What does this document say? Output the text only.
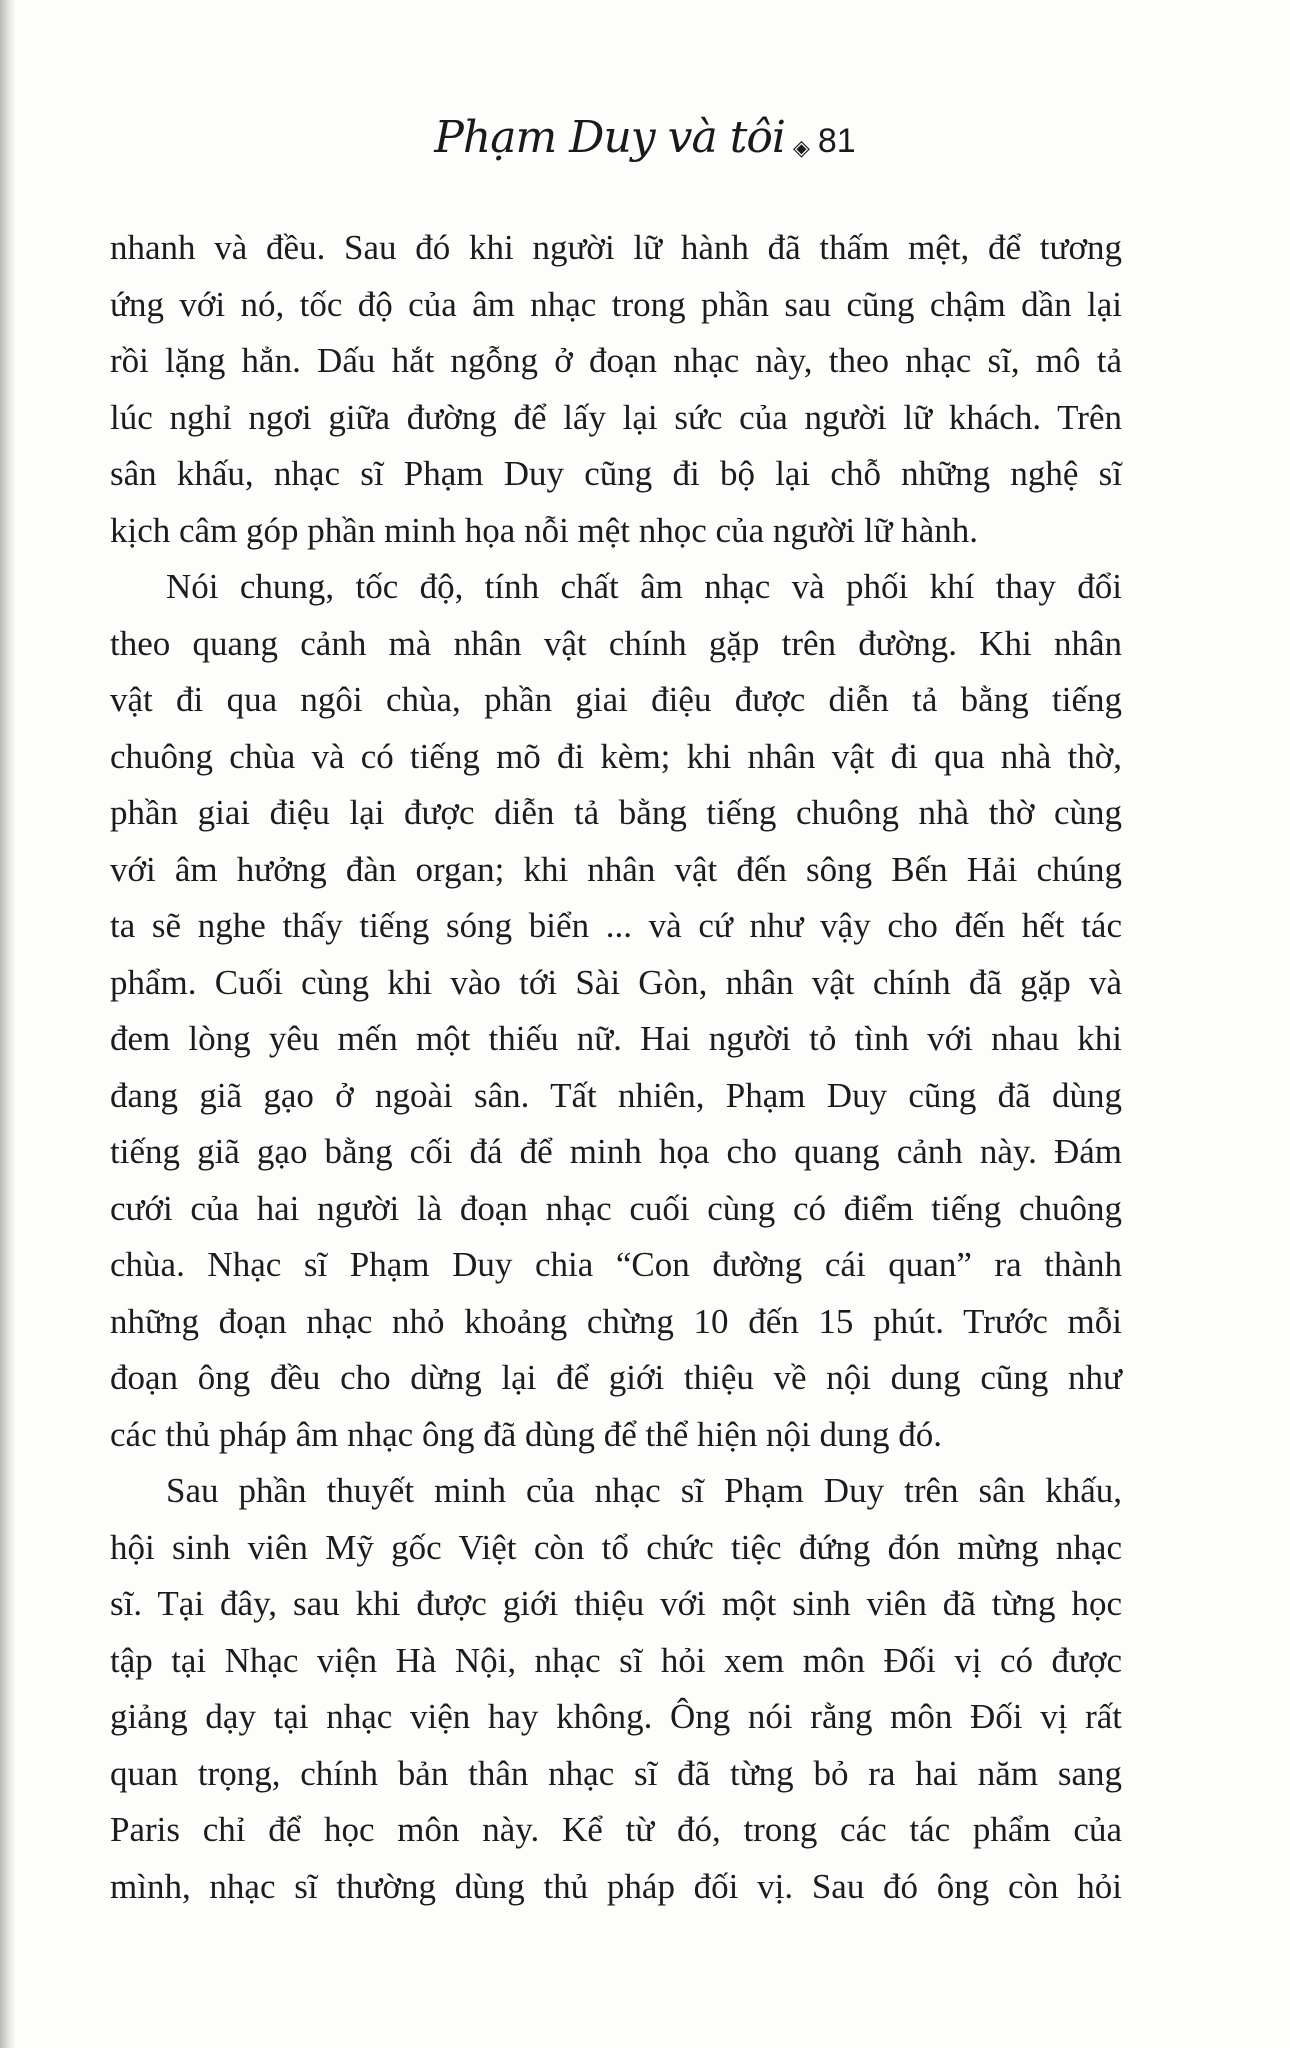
Phạm Duy và tôi ◈ 81
nhanh và đều. Sau đó khi người lữ hành đã thấm mệt, để tương
ứng với nó, tốc độ của âm nhạc trong phần sau cũng chậm dần lại
rồi lặng hẳn. Dấu hắt ngỗng ở đoạn nhạc này, theo nhạc sĩ, mô tả
lúc nghỉ ngơi giữa đường để lấy lại sức của người lữ khách. Trên
sân khấu, nhạc sĩ Phạm Duy cũng đi bộ lại chỗ những nghệ sĩ
kịch câm góp phần minh họa nỗi mệt nhọc của người lữ hành.
Nói chung, tốc độ, tính chất âm nhạc và phối khí thay đổi
theo quang cảnh mà nhân vật chính gặp trên đường. Khi nhân
vật đi qua ngôi chùa, phần giai điệu được diễn tả bằng tiếng
chuông chùa và có tiếng mõ đi kèm; khi nhân vật đi qua nhà thờ,
phần giai điệu lại được diễn tả bằng tiếng chuông nhà thờ cùng
với âm hưởng đàn organ; khi nhân vật đến sông Bến Hải chúng
ta sẽ nghe thấy tiếng sóng biển ... và cứ như vậy cho đến hết tác
phẩm. Cuối cùng khi vào tới Sài Gòn, nhân vật chính đã gặp và
đem lòng yêu mến một thiếu nữ. Hai người tỏ tình với nhau khi
đang giã gạo ở ngoài sân. Tất nhiên, Phạm Duy cũng đã dùng
tiếng giã gạo bằng cối đá để minh họa cho quang cảnh này. Đám
cưới của hai người là đoạn nhạc cuối cùng có điểm tiếng chuông
chùa. Nhạc sĩ Phạm Duy chia “Con đường cái quan” ra thành
những đoạn nhạc nhỏ khoảng chừng 10 đến 15 phút. Trước mỗi
đoạn ông đều cho dừng lại để giới thiệu về nội dung cũng như
các thủ pháp âm nhạc ông đã dùng để thể hiện nội dung đó.
Sau phần thuyết minh của nhạc sĩ Phạm Duy trên sân khấu,
hội sinh viên Mỹ gốc Việt còn tổ chức tiệc đứng đón mừng nhạc
sĩ. Tại đây, sau khi được giới thiệu với một sinh viên đã từng học
tập tại Nhạc viện Hà Nội, nhạc sĩ hỏi xem môn Đối vị có được
giảng dạy tại nhạc viện hay không. Ông nói rằng môn Đối vị rất
quan trọng, chính bản thân nhạc sĩ đã từng bỏ ra hai năm sang
Paris chỉ để học môn này. Kể từ đó, trong các tác phẩm của
mình, nhạc sĩ thường dùng thủ pháp đối vị. Sau đó ông còn hỏi
